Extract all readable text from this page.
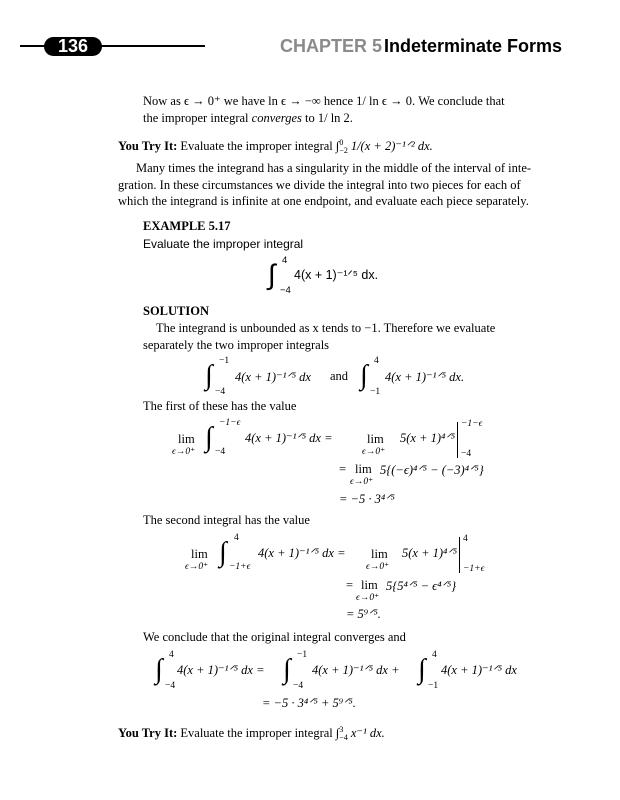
136	CHAPTER 5 Indeterminate Forms
Now as ϵ → 0⁺ we have ln ϵ → −∞ hence 1/ ln ϵ → 0. We conclude that
the improper integral converges to 1/ ln 2.
You Try It: Evaluate the improper integral ∫ 0
−2 1/(x + 2)⁻¹ᐟ² dx.
Many times the integrand has a singularity in the middle of the interval of inte-
gration. In these circumstances we divide the integral into two pieces for each of
which the integrand is infinite at one endpoint, and evaluate each piece separately.
EXAMPLE 5.17
Evaluate the improper integral
∫ 4
−4
4(x + 1)⁻¹ᐟ⁵ dx.
SOLUTION
The integrand is unbounded as x tends to −1. Therefore we evaluate
separately the two improper integrals
∫ −1
−4
4(x + 1)⁻¹ᐟ⁵ dx and ∫ 4
−1
4(x + 1)⁻¹ᐟ⁵ dx.
The first of these has the value
lim
ϵ→0⁺ ∫ −1−ϵ
−4
4(x + 1)⁻¹ᐟ⁵ dx =	lim
ϵ→0⁺
5(x + 1)⁴ᐟ⁵
−1−ϵ
−4
= lim
ϵ→0⁺
5{(−ϵ)⁴ᐟ⁵ − (−3)⁴ᐟ⁵}
= −5 · 3⁴ᐟ⁵
The second integral has the value
lim
ϵ→0⁺ ∫ 4
−1+ϵ
4(x + 1)⁻¹ᐟ⁵ dx = lim
ϵ→0⁺
5(x + 1)⁴ᐟ⁵
4
−1+ϵ
= lim
ϵ→0⁺
5{5⁴ᐟ⁵ − ϵ⁴ᐟ⁵}
= 5⁹ᐟ⁵.
We conclude that the original integral converges and
∫ 4
−4
4(x + 1)⁻¹ᐟ⁵ dx = ∫ −1
−4
4(x + 1)⁻¹ᐟ⁵ dx + ∫ 4
−1
4(x + 1)⁻¹ᐟ⁵ dx
= −5 · 3⁴ᐟ⁵ + 5⁹ᐟ⁵.
You Try It: Evaluate the improper integral ∫ 3
−4 x⁻¹ dx.
